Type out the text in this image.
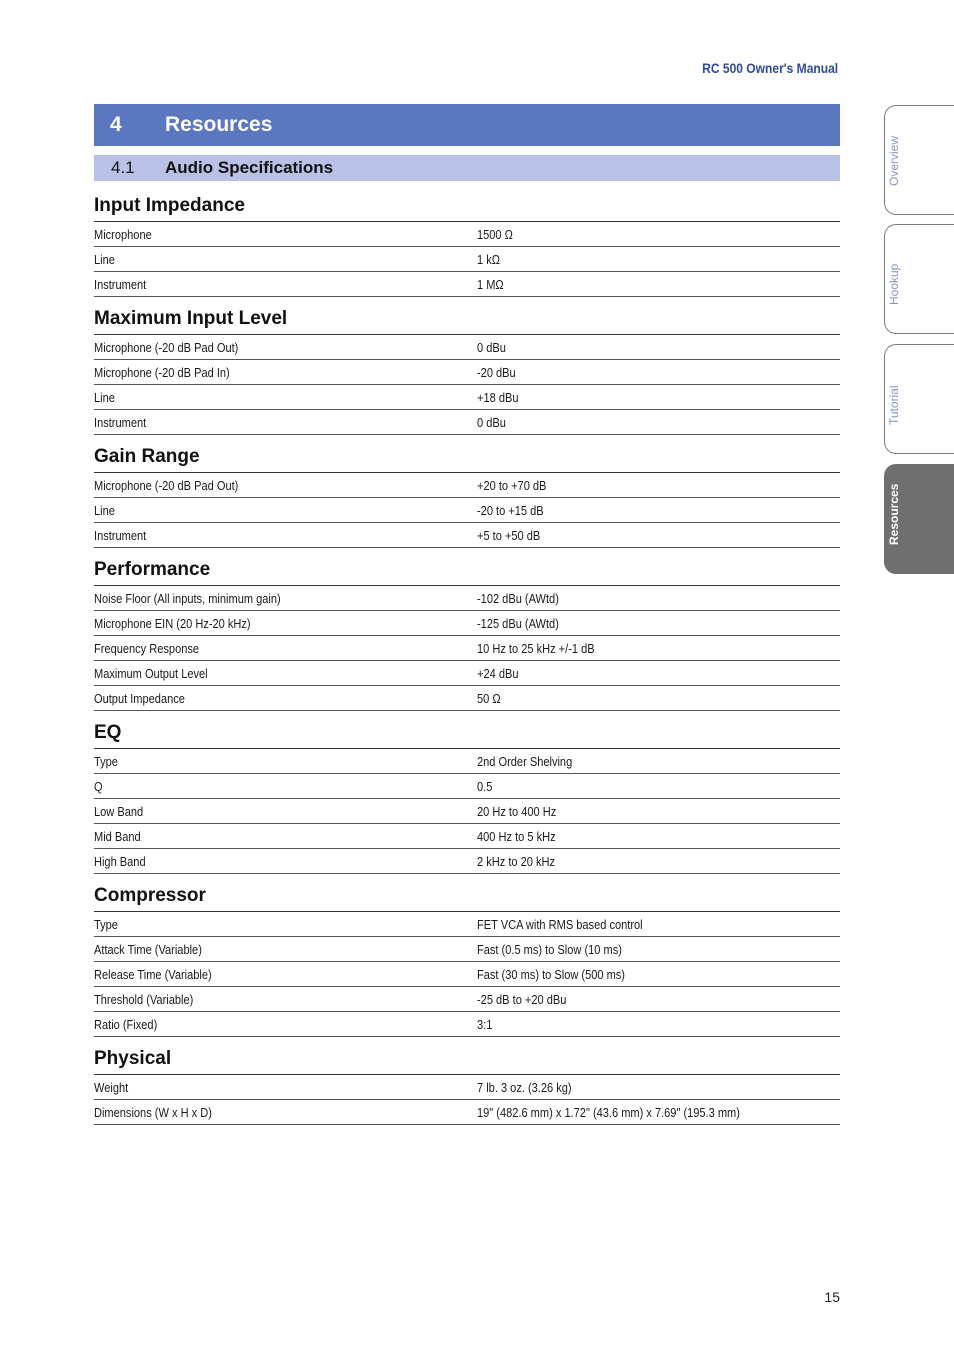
RC 500 Owner's Manual
4	Resources
4.1	Audio Specifications
Input Impedance
Microphone	1500 Ω
Line	1 kΩ
Instrument	1 MΩ
Maximum Input Level
Microphone (-20 dB Pad Out)	0 dBu
Microphone (-20 dB Pad In)	-20 dBu
Line	+18 dBu
Instrument	0 dBu
Gain Range
Microphone (-20 dB Pad Out)	+20 to +70 dB
Line	-20 to +15 dB
Instrument	+5 to +50 dB
Performance
Noise Floor (All inputs, minimum gain)	-102 dBu (AWtd)
Microphone EIN (20 Hz-20 kHz)	-125 dBu (AWtd)
Frequency Response	10 Hz to 25 kHz +/-1 dB
Maximum Output Level	+24 dBu
Output Impedance	50 Ω
EQ
Type	2nd Order Shelving
Q	0.5
Low Band	20 Hz to 400 Hz
Mid Band	400 Hz to 5 kHz
High Band	2 kHz to 20 kHz
Compressor
Type	FET VCA with RMS based control
Attack Time (Variable)	Fast (0.5 ms) to Slow (10 ms)
Release Time (Variable)	Fast (30 ms) to Slow (500 ms)
Threshold (Variable)	-25 dB to +20 dBu
Ratio (Fixed)	3:1
Physical
Weight	7 lb. 3 oz. (3.26 kg)
Dimensions (W x H x D)	19" (482.6 mm) x 1.72" (43.6 mm) x 7.69" (195.3 mm)
Overview
Hookup
Tutorial
Resources
15
